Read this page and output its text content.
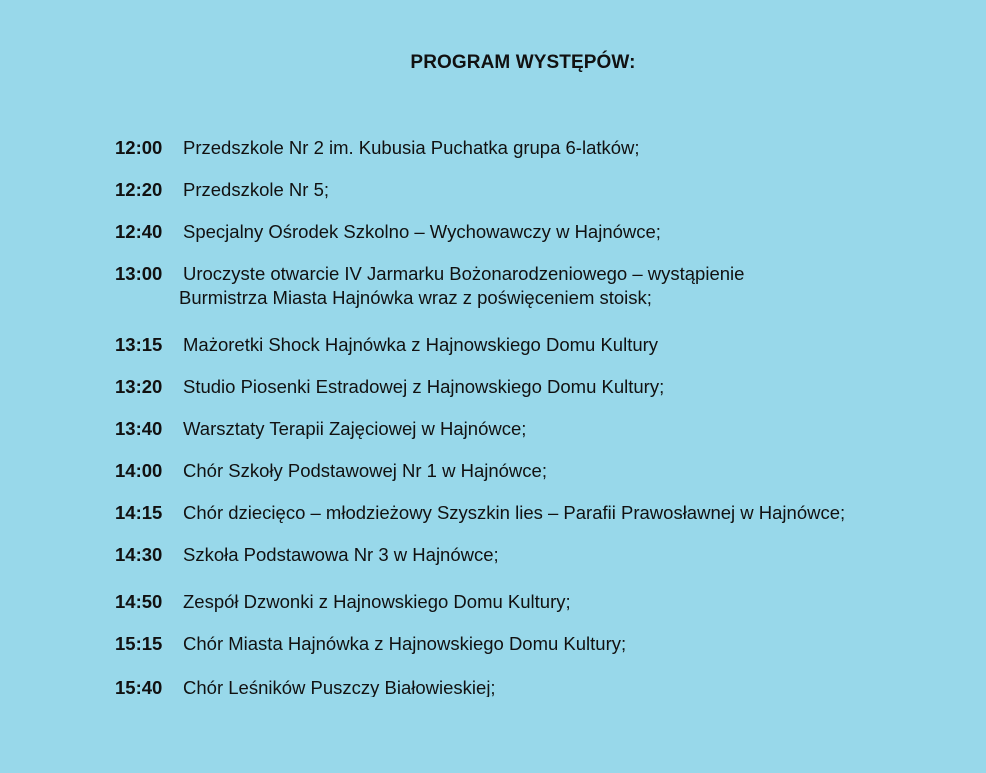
PROGRAM WYSTĘPÓW:
12:00 Przedszkole Nr 2 im. Kubusia Puchatka grupa 6-latków;
12:20 Przedszkole Nr 5;
12:40 Specjalny Ośrodek Szkolno – Wychowawczy w Hajnówce;
13:00 Uroczyste otwarcie IV Jarmarku Bożonarodzeniowego – wystąpienie
Burmistrza Miasta Hajnówka wraz z poświęceniem stoisk;
13:15 Mażoretki Shock Hajnówka z Hajnowskiego Domu Kultury
13:20 Studio Piosenki Estradowej z Hajnowskiego Domu Kultury;
13:40 Warsztaty Terapii Zajęciowej w Hajnówce;
14:00 Chór Szkoły Podstawowej Nr 1 w Hajnówce;
14:15 Chór dziecięco – młodzieżowy Szyszkin lies – Parafii Prawosławnej w Hajnówce;
14:30 Szkoła Podstawowa Nr 3 w Hajnówce;
14:50 Zespół Dzwonki z Hajnowskiego Domu Kultury;
15:15 Chór Miasta Hajnówka z Hajnowskiego Domu Kultury;
15:40 Chór Leśników Puszczy Białowieskiej;
